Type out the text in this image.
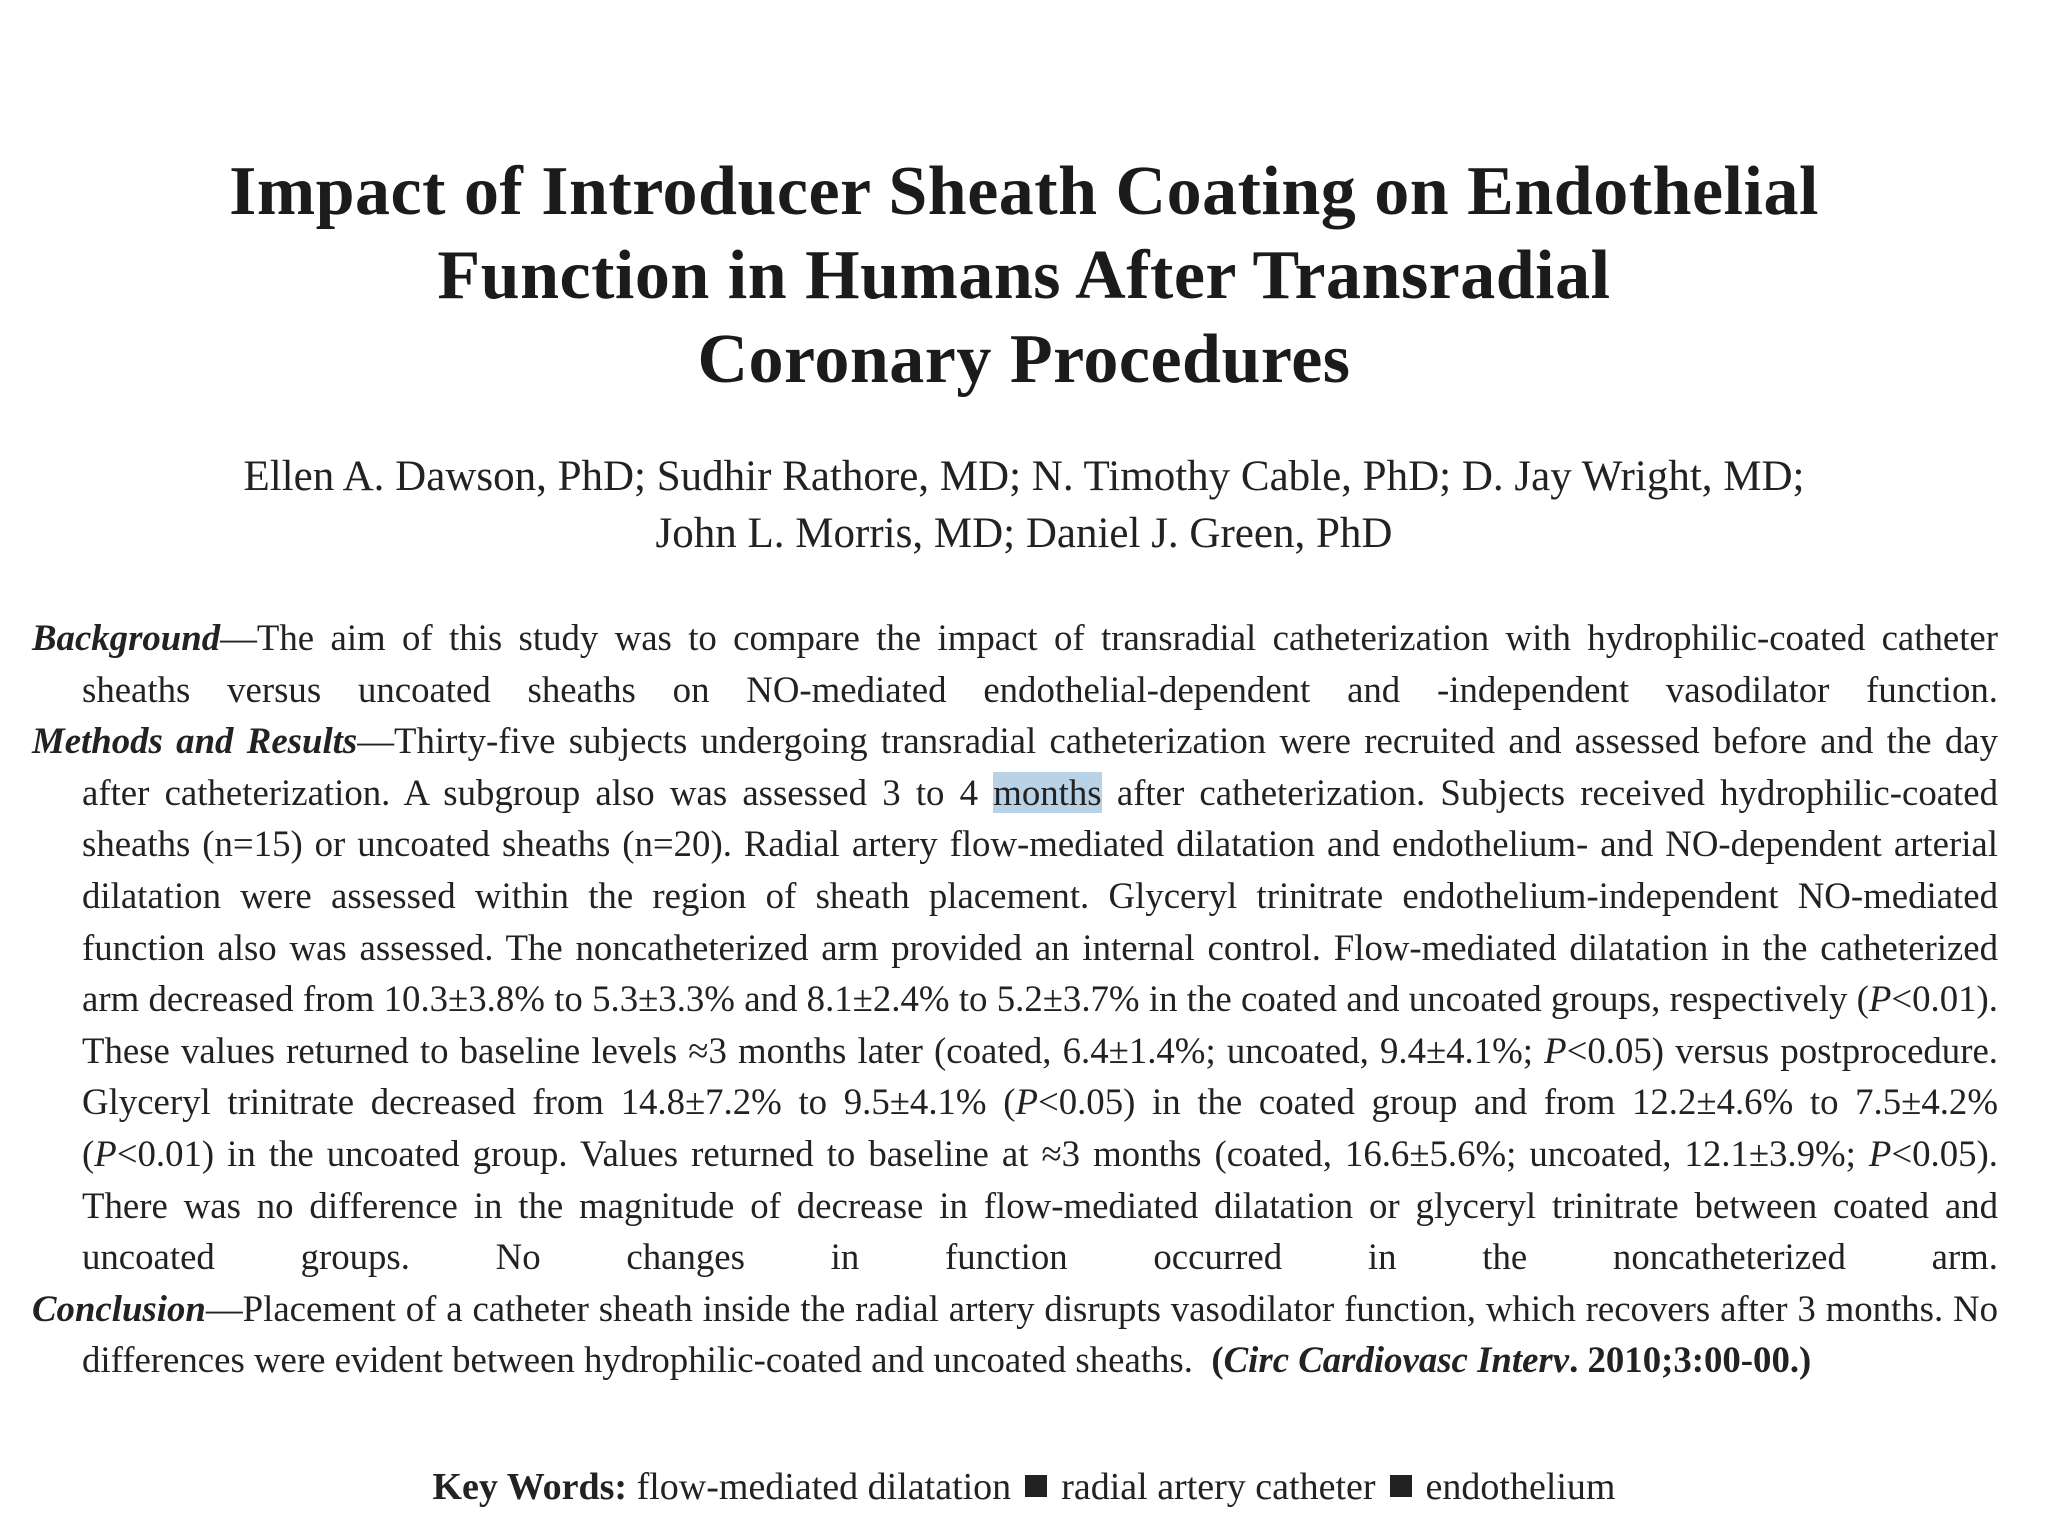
Impact of Introducer Sheath Coating on Endothelial
Function in Humans After Transradial
Coronary Procedures
Ellen A. Dawson, PhD; Sudhir Rathore, MD; N. Timothy Cable, PhD; D. Jay Wright, MD;
John L. Morris, MD; Daniel J. Green, PhD

Background—The aim of this study was to compare the impact of transradial catheterization with hydrophilic-coated catheter sheaths versus uncoated sheaths on NO-mediated endothelial-dependent and -independent vasodilator function.

Methods and Results—Thirty-five subjects undergoing transradial catheterization were recruited and assessed before and the day after catheterization. A subgroup also was assessed 3 to 4 months after catheterization. Subjects received hydrophilic-coated sheaths (n=15) or uncoated sheaths (n=20). Radial artery flow-mediated dilatation and endothelium- and NO-dependent arterial dilatation were assessed within the region of sheath placement. Glyceryl trinitrate endothelium-independent NO-mediated function also was assessed. The noncatheterized arm provided an internal control. Flow-mediated dilatation in the catheterized arm decreased from 10.3±3.8% to 5.3±3.3% and 8.1±2.4% to 5.2±3.7% in the coated and uncoated groups, respectively (P<0.01). These values returned to baseline levels ≈3 months later (coated, 6.4±1.4%; uncoated, 9.4±4.1%; P<0.05) versus postprocedure. Glyceryl trinitrate decreased from 14.8±7.2% to 9.5±4.1% (P<0.05) in the coated group and from 12.2±4.6% to 7.5±4.2% (P<0.01) in the uncoated group. Values returned to baseline at ≈3 months (coated, 16.6±5.6%; uncoated, 12.1±3.9%; P<0.05). There was no difference in the magnitude of decrease in flow-mediated dilatation or glyceryl trinitrate between coated and uncoated groups. No changes in function occurred in the noncatheterized arm.

Conclusion—Placement of a catheter sheath inside the radial artery disrupts vasodilator function, which recovers after 3 months. No differences were evident between hydrophilic-coated and uncoated sheaths. (Circ Cardiovasc Interv. 2010;3:00-00.)

Key Words: flow-mediated dilatation radial artery catheter endothelium
